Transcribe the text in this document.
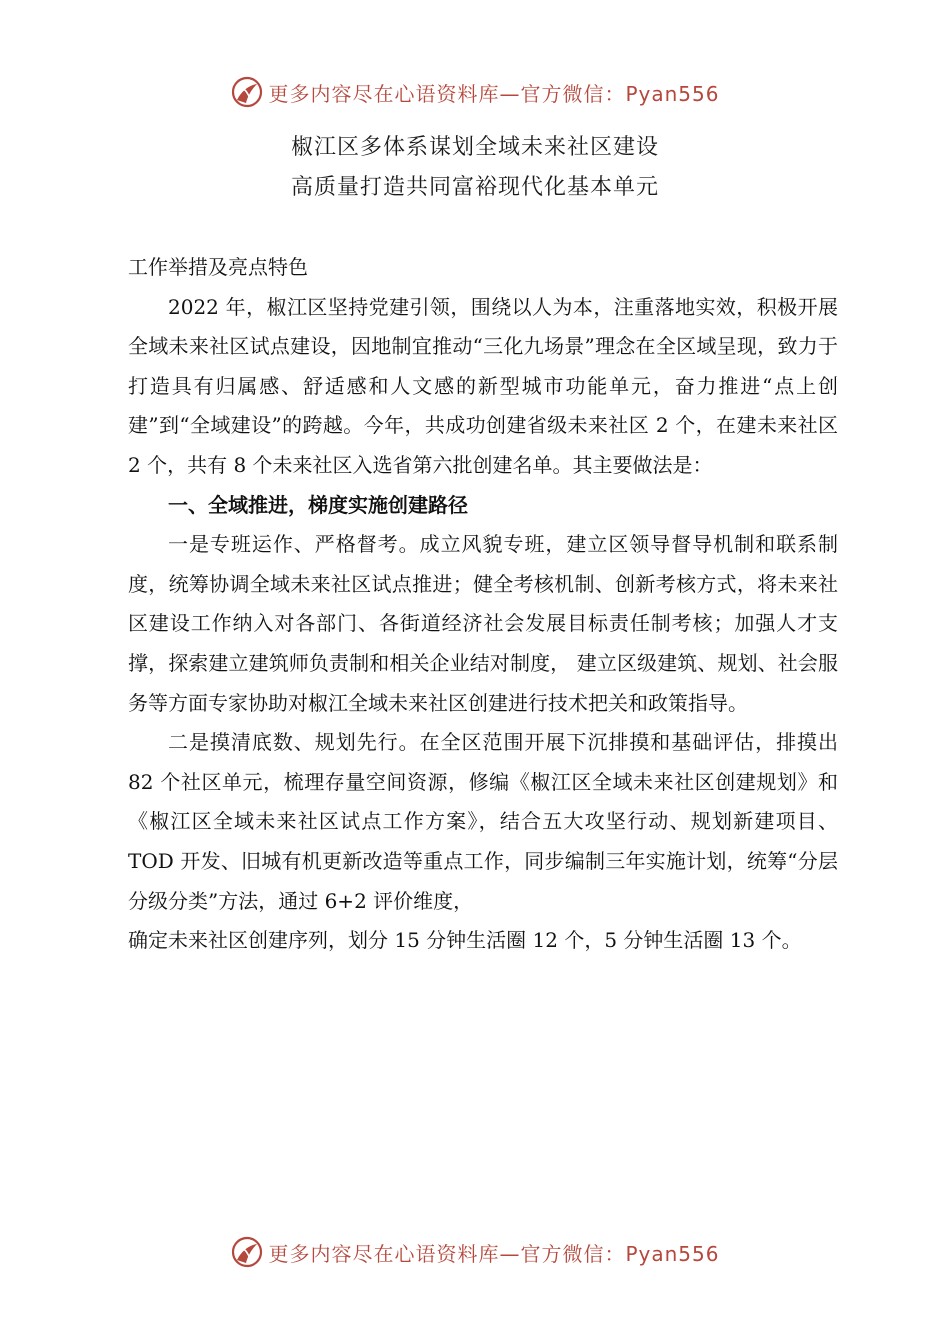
更多内容尽在心语资料库—官方微信：Pyan556
椒江区多体系谋划全域未来社区建设
高质量打造共同富裕现代化基本单元

工作举措及亮点特色

2022 年，椒江区坚持党建引领，围绕以人为本，注重落地实效，积极开展全域未来社区试点建设，因地制宜推动“三化九场景”理念在全区域呈现，致力于打造具有归属感、舒适感和人文感的新型城市功能单元，奋力推进“点上创建”到“全域建设”的跨越。今年，共成功创建省级未来社区 2 个，在建未来社区 2 个，共有 8 个未来社区入选省第六批创建名单。其主要做法是：

一、全域推进，梯度实施创建路径

一是专班运作、严格督考。成立风貌专班，建立区领导督导机制和联系制度，统筹协调全域未来社区试点推进；健全考核机制、创新考核方式，将未来社区建设工作纳入对各部门、各街道经济社会发展目标责任制考核；加强人才支撑，探索建立建筑师负责制和相关企业结对制度， 建立区级建筑、规划、社会服务等方面专家协助对椒江全域未来社区创建进行技术把关和政策指导。

二是摸清底数、规划先行。在全区范围开展下沉排摸和基础评估，排摸出 82 个社区单元，梳理存量空间资源，修编《椒江区全域未来社区创建规划》和《椒江区全域未来社区试点工作方案》，结合五大攻坚行动、规划新建项目、TOD 开发、旧城有机更新改造等重点工作，同步编制三年实施计划，统筹“分层分级分类”方法，通过 6+2 评价维度，

确定未来社区创建序列，划分 15 分钟生活圈 12 个，5 分钟生活圈 13 个。

更多内容尽在心语资料库—官方微信：Pyan556
